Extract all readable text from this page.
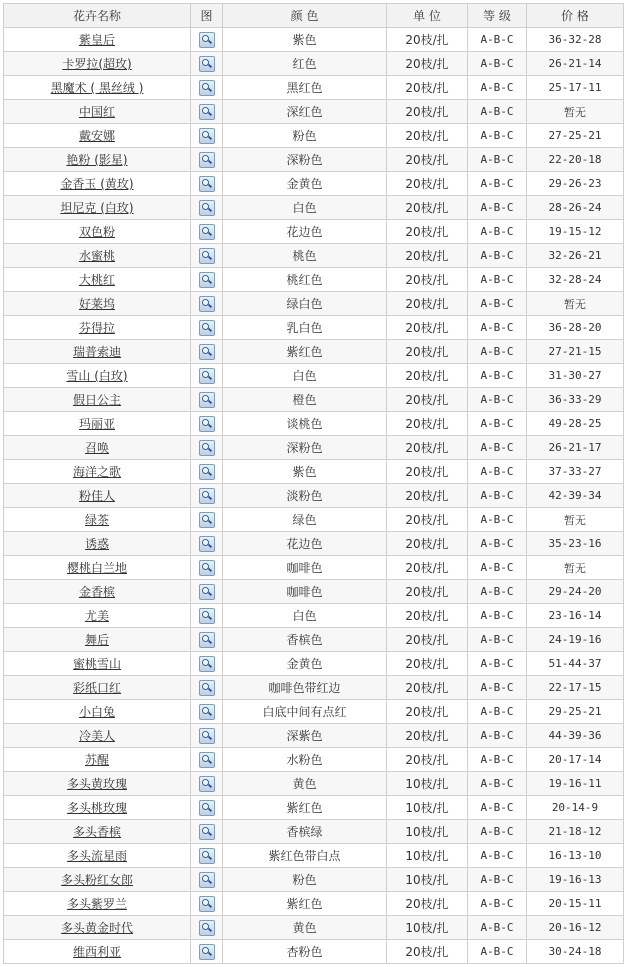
花卉名称	图	颜 色	单 位	等 级	价 格
紫皇后		紫色	20枝/扎	A-B-C	36-32-28
卡罗拉(超玫)		红色	20枝/扎	A-B-C	26-21-14
黑魔术 ( 黑丝绒 )		黑红色	20枝/扎	A-B-C	25-17-11
中国红		深红色	20枝/扎	A-B-C	暂无
戴安娜		粉色	20枝/扎	A-B-C	27-25-21
艳粉 (影星)		深粉色	20枝/扎	A-B-C	22-20-18
金香玉 (黄玫)		金黄色	20枝/扎	A-B-C	29-26-23
坦尼克 (白玫)		白色	20枝/扎	A-B-C	28-26-24
双色粉		花边色	20枝/扎	A-B-C	19-15-12
水蜜桃		桃色	20枝/扎	A-B-C	32-26-21
大桃红		桃红色	20枝/扎	A-B-C	32-28-24
好莱坞		绿白色	20枝/扎	A-B-C	暂无
芬得拉		乳白色	20枝/扎	A-B-C	36-28-20
瑞普索迪		紫红色	20枝/扎	A-B-C	27-21-15
雪山 (白玫)		白色	20枝/扎	A-B-C	31-30-27
假日公主		橙色	20枝/扎	A-B-C	36-33-29
玛丽亚		谈桃色	20枝/扎	A-B-C	49-28-25
召唤		深粉色	20枝/扎	A-B-C	26-21-17
海洋之歌		紫色	20枝/扎	A-B-C	37-33-27
粉佳人		淡粉色	20枝/扎	A-B-C	42-39-34
绿茶		绿色	20枝/扎	A-B-C	暂无
诱惑		花边色	20枝/扎	A-B-C	35-23-16
樱桃白兰地		咖啡色	20枝/扎	A-B-C	暂无
金香槟		咖啡色	20枝/扎	A-B-C	29-24-20
尤美		白色	20枝/扎	A-B-C	23-16-14
舞后		香槟色	20枝/扎	A-B-C	24-19-16
蜜桃雪山		金黄色	20枝/扎	A-B-C	51-44-37
彩纸口红		咖啡色带红边	20枝/扎	A-B-C	22-17-15
小白兔		白底中间有点红	20枝/扎	A-B-C	29-25-21
冷美人		深紫色	20枝/扎	A-B-C	44-39-36
苏醒		水粉色	20枝/扎	A-B-C	20-17-14
多头黄玫瑰		黄色	10枝/扎	A-B-C	19-16-11
多头桃玫瑰		紫红色	10枝/扎	A-B-C	20-14-9
多头香槟		香槟绿	10枝/扎	A-B-C	21-18-12
多头流星雨		紫红色带白点	10枝/扎	A-B-C	16-13-10
多头粉红女郎		粉色	10枝/扎	A-B-C	19-16-13
多头紫罗兰		紫红色	20枝/扎	A-B-C	20-15-11
多头黄金时代		黄色	10枝/扎	A-B-C	20-16-12
维西利亚		杏粉色	20枝/扎	A-B-C	30-24-18
